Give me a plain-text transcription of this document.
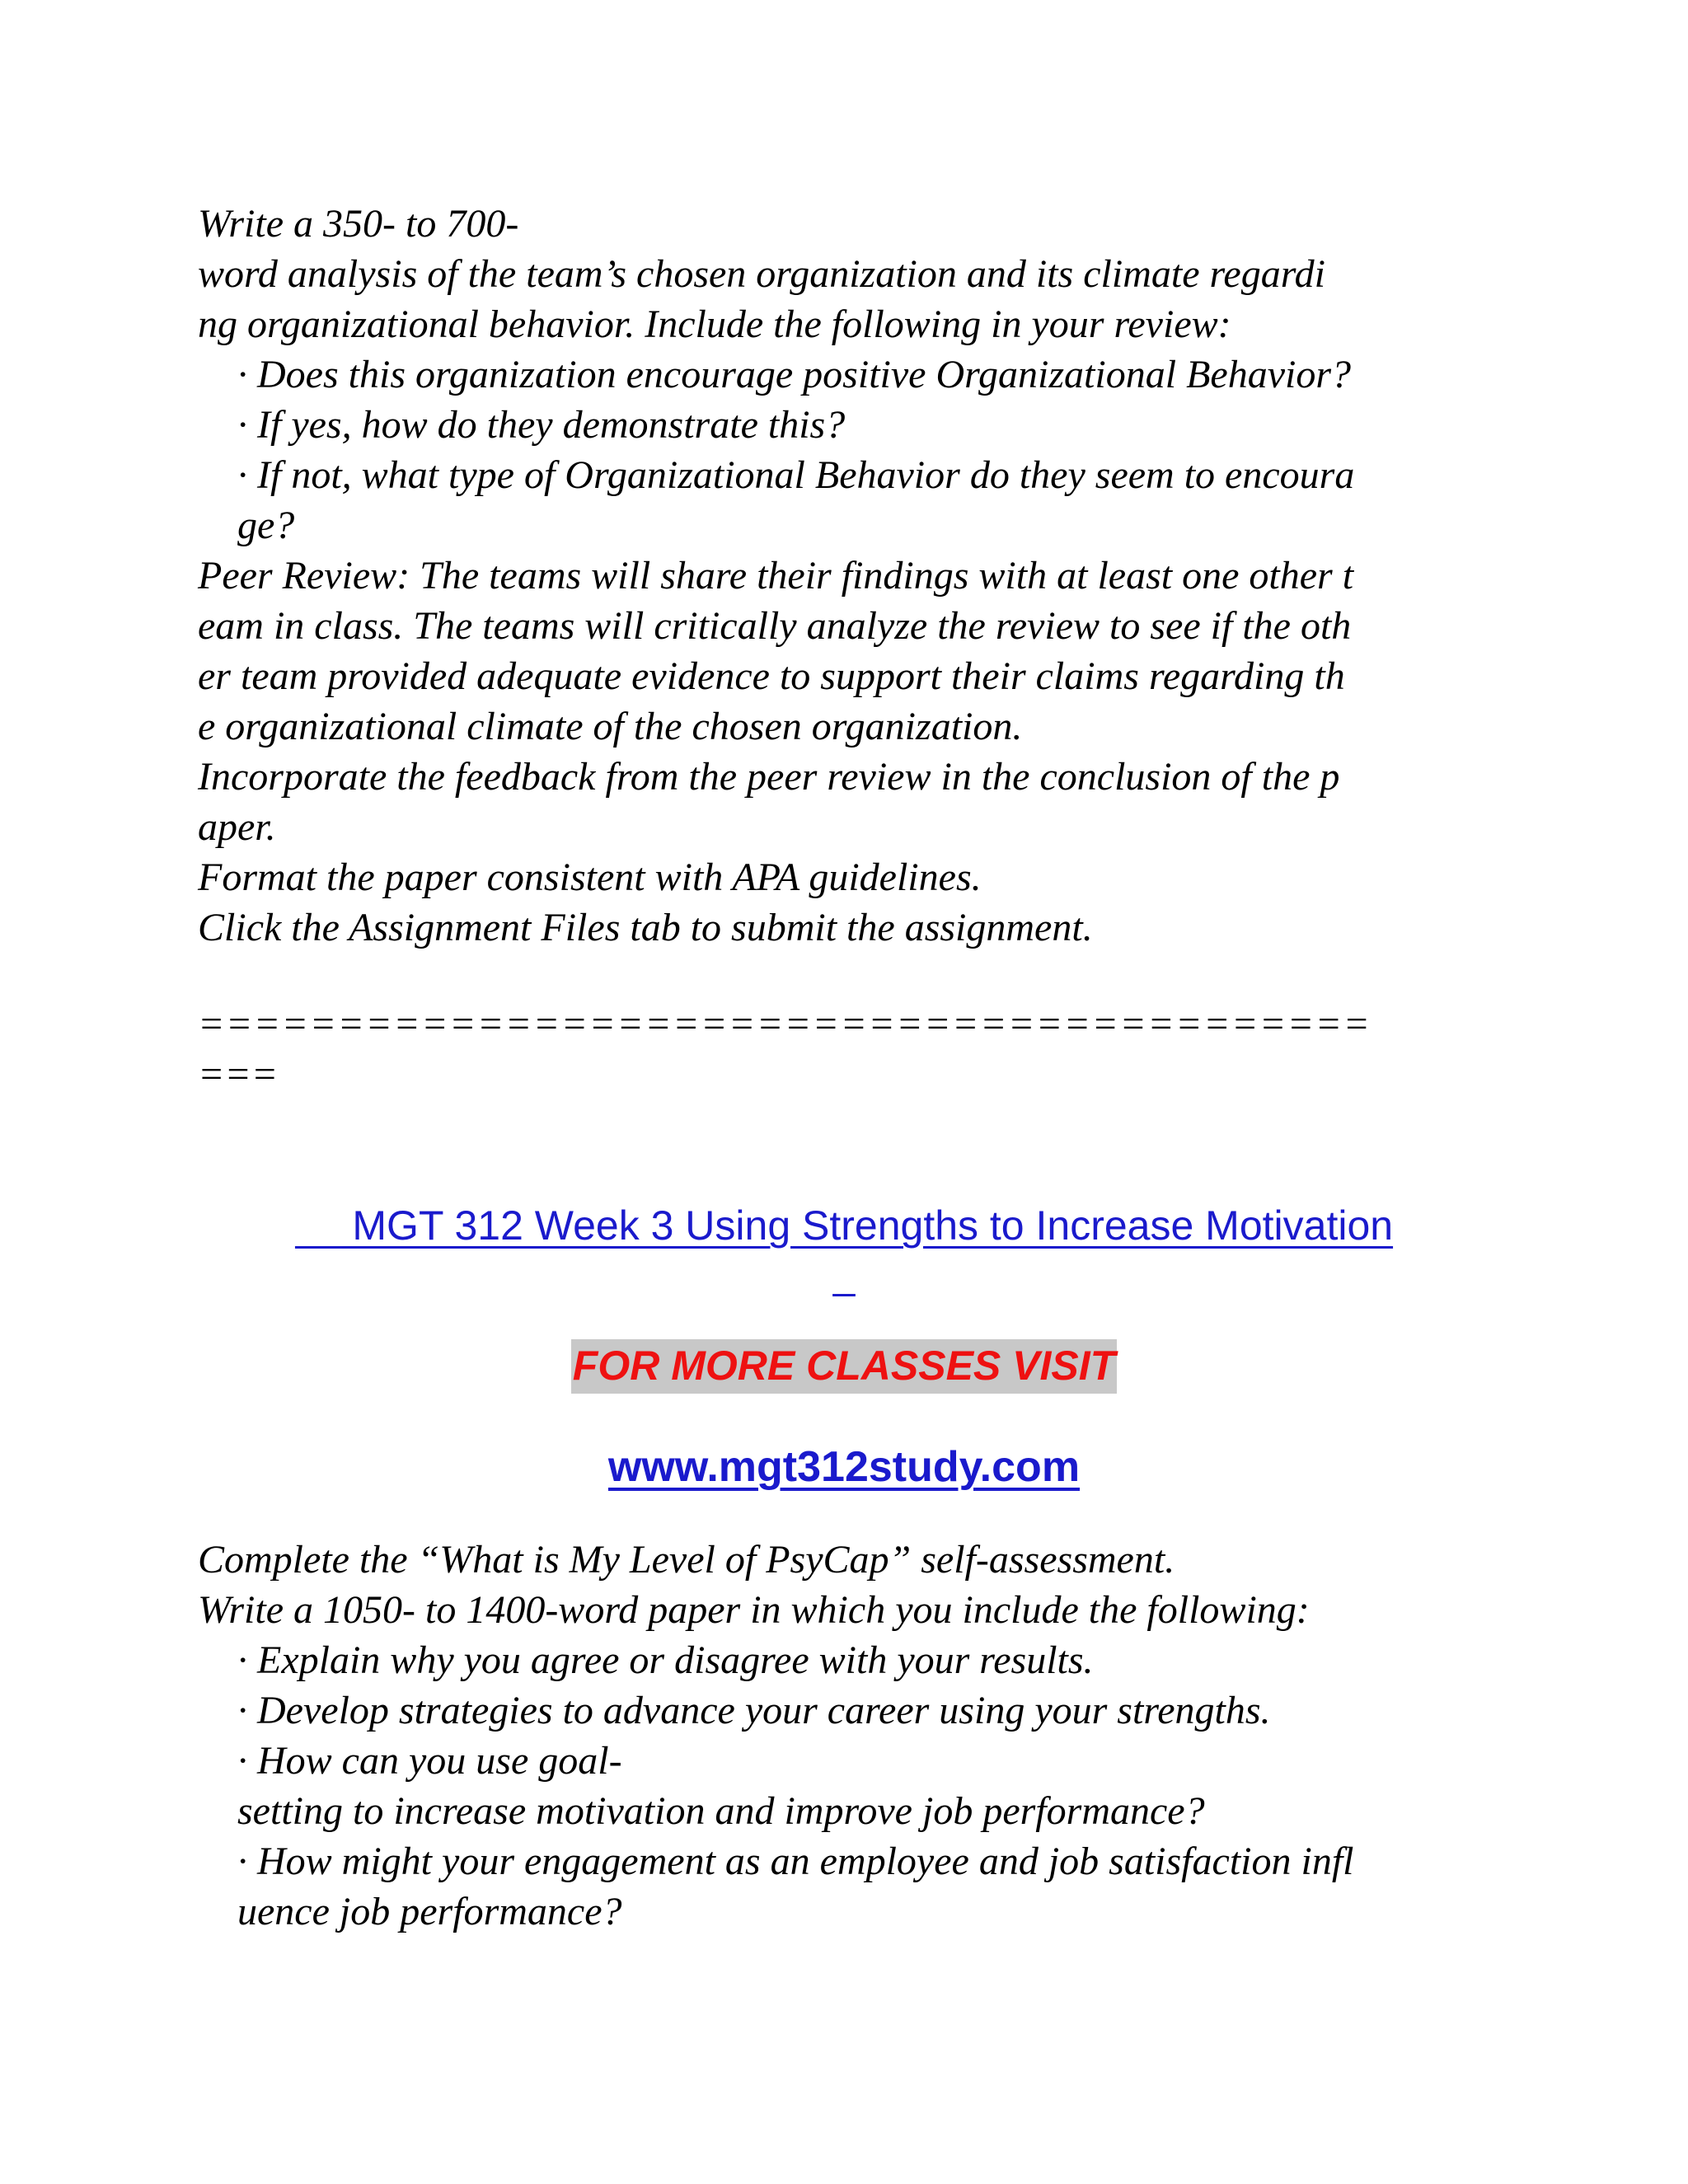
Write a 350- to 700-
word analysis of the team’s chosen organization and its climate regardi
ng organizational behavior. Include the following in your review:
· Does this organization encourage positive Organizational Behavior?
· If yes, how do they demonstrate this?
· If not, what type of Organizational Behavior do they seem to encoura
ge?
Peer Review: The teams will share their findings with at least one other t
eam in class. The teams will critically analyze the review to see if the oth
er team provided adequate evidence to support their claims regarding th
e organizational climate of the chosen organization.
Incorporate the feedback from the peer review in the conclusion of the p
aper.
Format the paper consistent with APA guidelines.
Click the Assignment Files tab to submit the assignment.
==========================================
===

MGT 312 Week 3 Using Strengths to Increase Motivation

FOR MORE CLASSES VISIT
www.mgt312study.com
Complete the “What is My Level of PsyCap” self-assessment.
Write a 1050- to 1400-word paper in which you include the following:
· Explain why you agree or disagree with your results.
· Develop strategies to advance your career using your strengths.
· How can you use goal-
setting to increase motivation and improve job performance?
· How might your engagement as an employee and job satisfaction infl
uence job performance?
